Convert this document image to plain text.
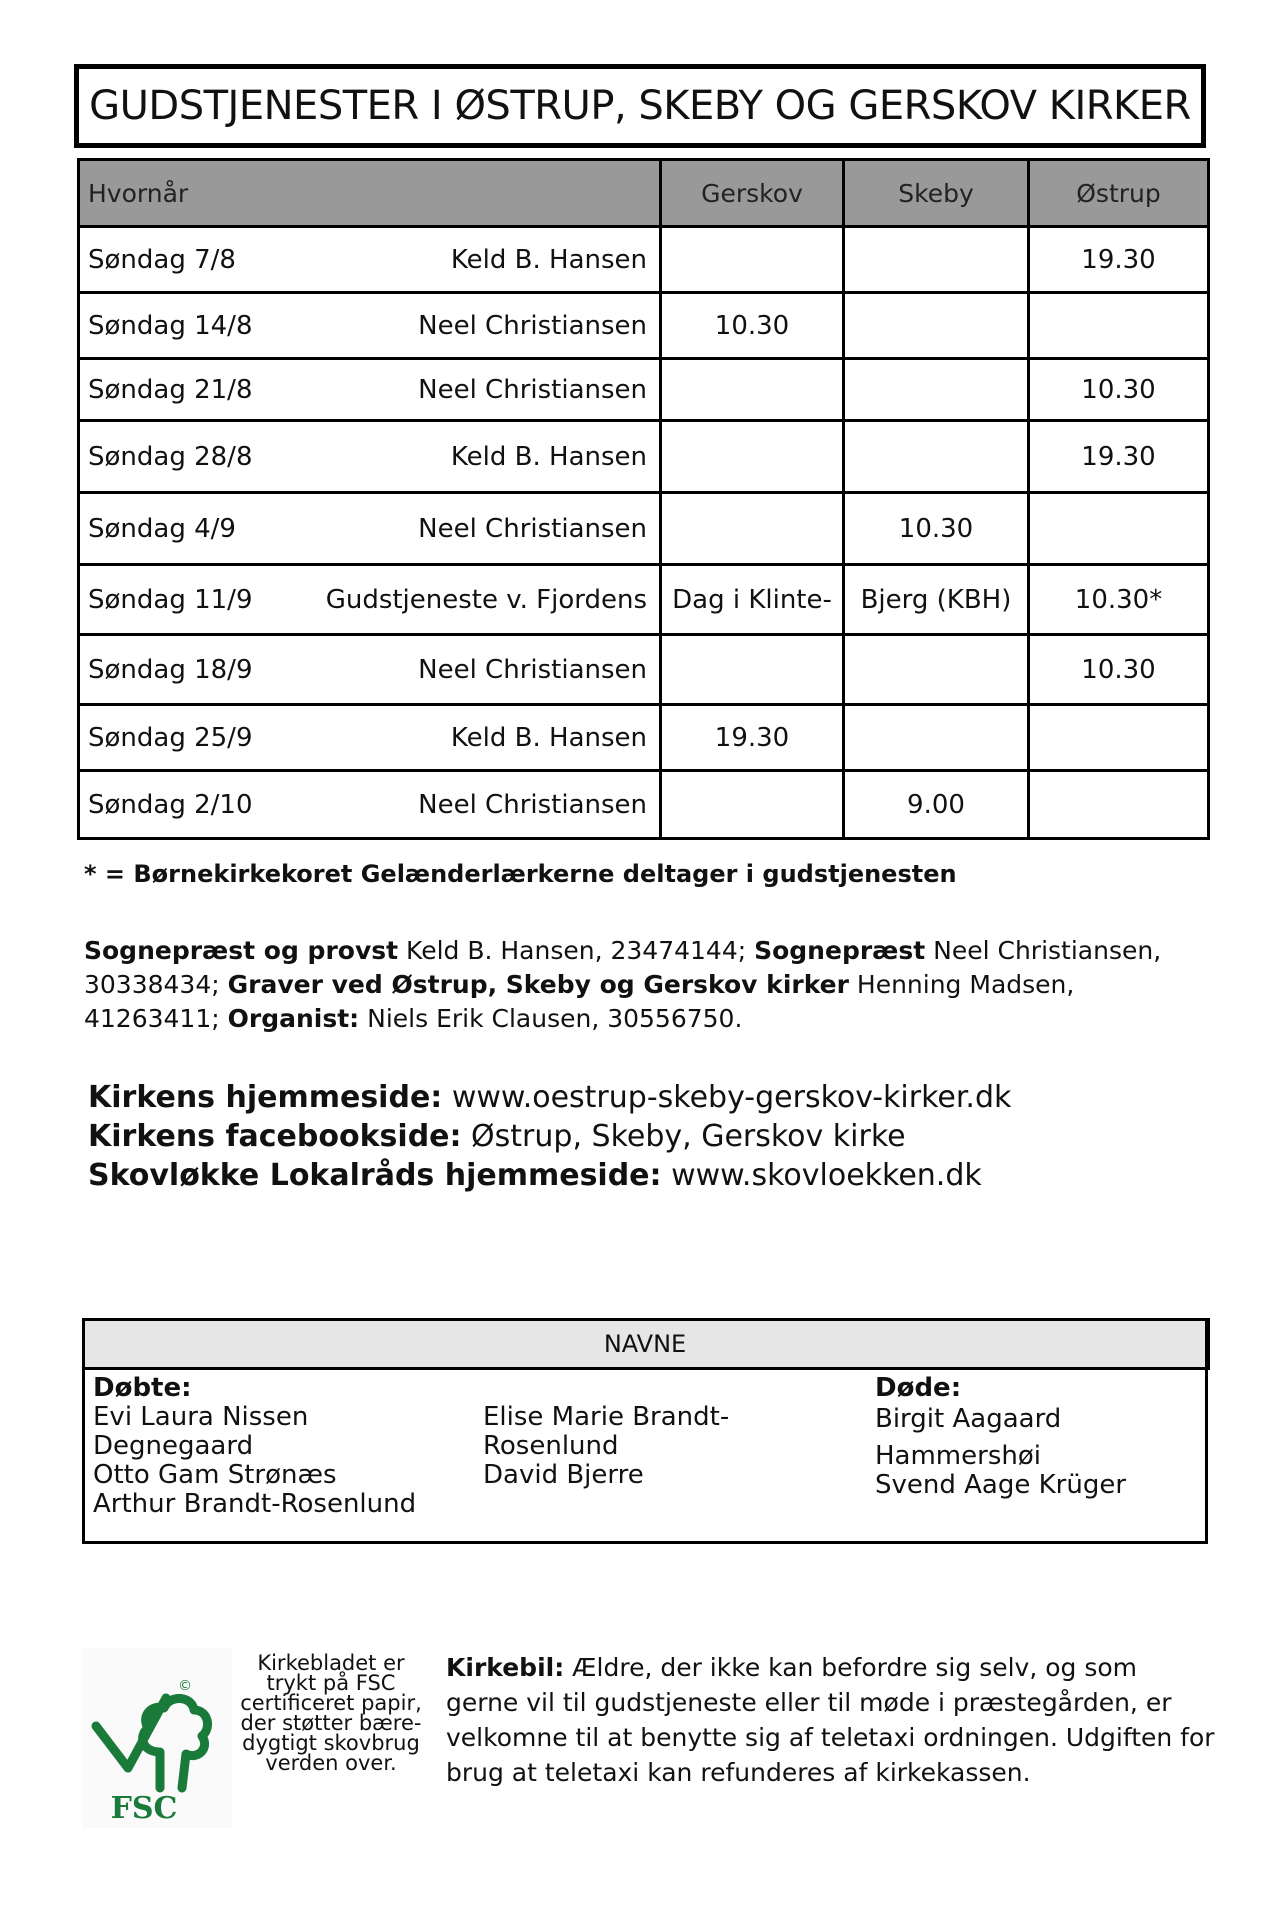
GUDSTJENESTER I ØSTRUP, SKEBY OG GERSKOV KIRKER
Hvornår	Gerskov	Skeby	Østrup

Søndag 7/8 Keld B. Hansen			19.30

Søndag 14/8 Neel Christiansen	10.30		

Søndag 21/8 Neel Christiansen			10.30

Søndag 28/8 Keld B. Hansen			19.30

Søndag 4/9 Neel Christiansen		10.30	

Søndag 11/9 Gudstjeneste v. Fjordens	Dag i Klinte-	Bjerg (KBH)	10.30*

Søndag 18/9 Neel Christiansen			10.30

Søndag 25/9 Keld B. Hansen	19.30		

Søndag 2/10 Neel Christiansen		9.00	
* = Børnekirkekoret Gelænderlærkerne deltager i gudstjenesten
Sognepræst og provst Keld B. Hansen, 23474144; Sognepræst Neel Christiansen, 30338434; Graver ved Østrup, Skeby og Gerskov kirker Henning Madsen, 41263411; Organist: Niels Erik Clausen, 30556750.
Kirkens hjemmeside: www.oestrup-skeby-gerskov-kirker.dk
Kirkens facebookside: Østrup, Skeby, Gerskov kirke
Skovløkke Lokalråds hjemmeside: www.skovloekken.dk
NAVNE
Døbte:
Evi Laura Nissen
Degnegaard
Otto Gam Strønæs
Arthur Brandt-Rosenlund
Elise Marie Brandt-
Rosenlund
David Bjerre
Døde:
Birgit Aagaard
Hammershøi
Svend Aage Krüger
©
FSC
Kirkebladet er
trykt på FSC
certificeret papir,
der støtter bære-
dygtigt skovbrug
verden over.
Kirkebil: Ældre, der ikke kan befordre sig selv, og som gerne vil til gudstjeneste eller til møde i præstegården, er velkomne til at benytte sig af teletaxi ordningen. Udgiften for brug at teletaxi kan refunderes af kirkekassen.
